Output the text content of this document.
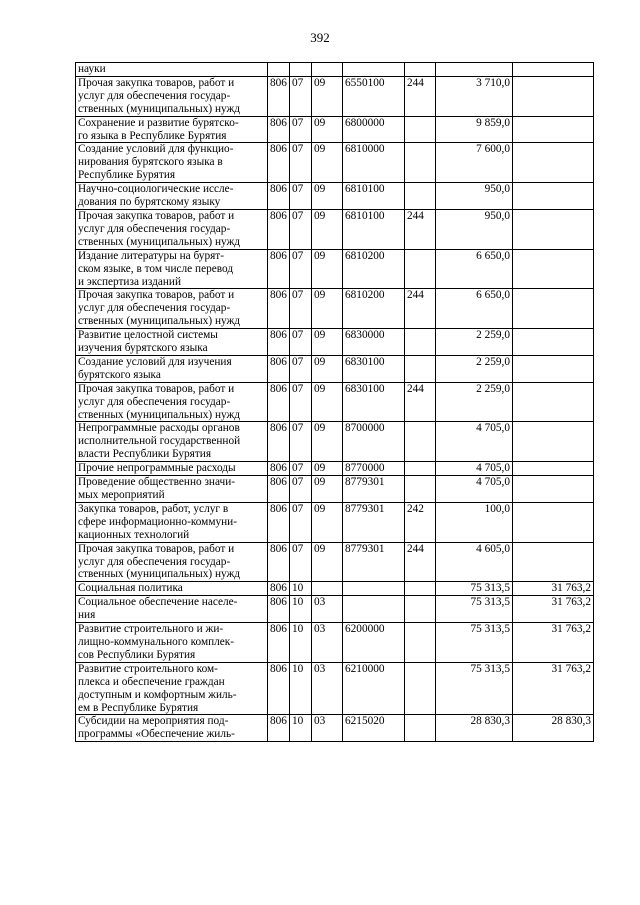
392
науки							
Прочая закупка товаров, работ и
услуг для обеспечения государ-
ственных (муниципальных) нужд	806	07	09	6550100	244	3 710,0	
Сохранение и развитие бурятско-
го языка в Республике Бурятия	806	07	09	6800000		9 859,0	
Создание условий для функцио-
нирования бурятского языка в
Республике Бурятия	806	07	09	6810000		7 600,0	
Научно-социологические иссле-
дования по бурятскому языку	806	07	09	6810100		950,0	
Прочая закупка товаров, работ и
услуг для обеспечения государ-
ственных (муниципальных) нужд	806	07	09	6810100	244	950,0	
Издание литературы на бурят-
ском языке, в том числе перевод
и экспертиза изданий	806	07	09	6810200		6 650,0	
Прочая закупка товаров, работ и
услуг для обеспечения государ-
ственных (муниципальных) нужд	806	07	09	6810200	244	6 650,0	
Развитие целостной системы
изучения бурятского языка	806	07	09	6830000		2 259,0	
Создание условий для изучения
бурятского языка	806	07	09	6830100		2 259,0	
Прочая закупка товаров, работ и
услуг для обеспечения государ-
ственных (муниципальных) нужд	806	07	09	6830100	244	2 259,0	
Непрограммные расходы органов
исполнительной государственной
власти Республики Бурятия	806	07	09	8700000		4 705,0	
Прочие непрограммные расходы	806	07	09	8770000		4 705,0	
Проведение общественно значи-
мых мероприятий	806	07	09	8779301		4 705,0	
Закупка товаров, работ, услуг в
сфере информационно-коммуни-
кационных технологий	806	07	09	8779301	242	100,0	
Прочая закупка товаров, работ и
услуг для обеспечения государ-
ственных (муниципальных) нужд	806	07	09	8779301	244	4 605,0	
Социальная политика	806	10				75 313,5	31 763,2
Социальное обеспечение населе-
ния	806	10	03			75 313,5	31 763,2
Развитие строительного и жи-
лищно-коммунального комплек-
сов Республики Бурятия	806	10	03	6200000		75 313,5	31 763,2
Развитие строительного ком-
плекса и обеспечение граждан
доступным и комфортным жиль-
ем в Республике Бурятия	806	10	03	6210000		75 313,5	31 763,2
Субсидии на мероприятия под-
программы «Обеспечение жиль-	806	10	03	6215020		28 830,3	28 830,3
